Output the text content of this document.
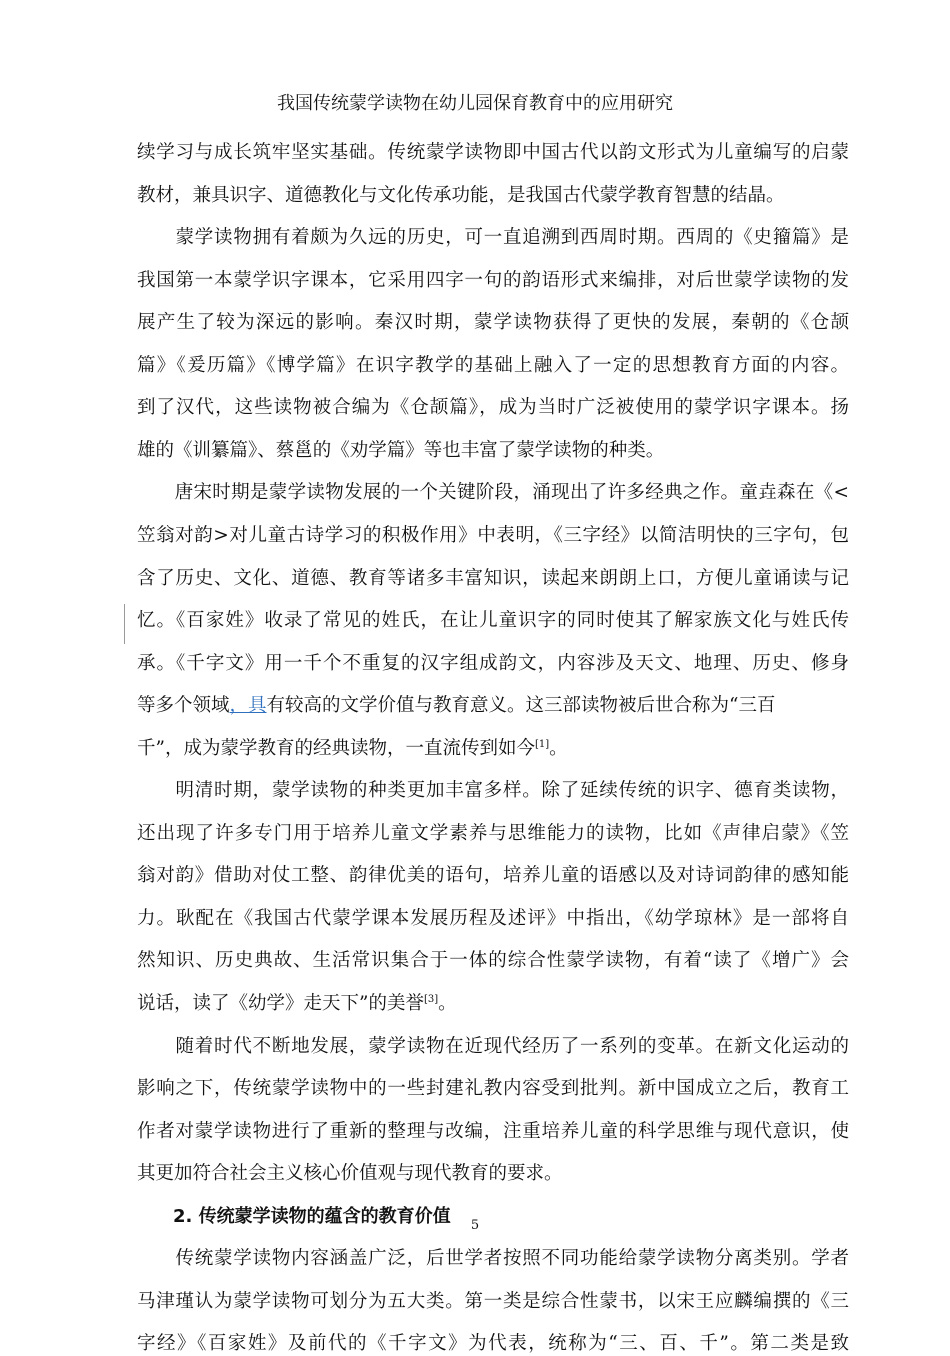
我国传统蒙学读物在幼儿园保育教育中的应用研究
续学习与成长筑牢坚实基础。传统蒙学读物即中国古代以韵文形式为儿童编写的启蒙
教材，兼具识字、道德教化与文化传承功能，是我国古代蒙学教育智慧的结晶。
　　蒙学读物拥有着颇为久远的历史，可一直追溯到西周时期。西周的《史籀篇》是
我国第一本蒙学识字课本，它采用四字一句的韵语形式来编排，对后世蒙学读物的发
展产生了较为深远的影响。秦汉时期，蒙学读物获得了更快的发展，秦朝的《仓颉
篇》《爰历篇》《博学篇》在识字教学的基础上融入了一定的思想教育方面的内容。
到了汉代，这些读物被合编为《仓颉篇》，成为当时广泛被使用的蒙学识字课本。扬
雄的《训纂篇》、蔡邕的《劝学篇》等也丰富了蒙学读物的种类。
　　唐宋时期是蒙学读物发展的一个关键阶段，涌现出了许多经典之作。童垚森在《<
笠翁对韵>对儿童古诗学习的积极作用》中表明，《三字经》以简洁明快的三字句，包
含了历史、文化、道德、教育等诸多丰富知识，读起来朗朗上口，方便儿童诵读与记
忆。《百家姓》收录了常见的姓氏，在让儿童识字的同时使其了解家族文化与姓氏传
承。《千字文》用一千个不重复的汉字组成韵文，内容涉及天文、地理、历史、修身
等多个领域，具有较高的文学价值与教育意义。这三部读物被后世合称为“三百
千”，成为蒙学教育的经典读物，一直流传到如今[1]。
　　明清时期，蒙学读物的种类更加丰富多样。除了延续传统的识字、德育类读物，
还出现了许多专门用于培养儿童文学素养与思维能力的读物，比如《声律启蒙》《笠
翁对韵》借助对仗工整、韵律优美的语句，培养儿童的语感以及对诗词韵律的感知能
力。耿配在《我国古代蒙学课本发展历程及述评》中指出，《幼学琼林》是一部将自
然知识、历史典故、生活常识集合于一体的综合性蒙学读物，有着“读了《增广》会
说话，读了《幼学》走天下”的美誉[3]。
　　随着时代不断地发展，蒙学读物在近现代经历了一系列的变革。在新文化运动的
影响之下，传统蒙学读物中的一些封建礼教内容受到批判。新中国成立之后，教育工
作者对蒙学读物进行了重新的整理与改编，注重培养儿童的科学思维与现代意识，使
其更加符合社会主义核心价值观与现代教育的要求。
　　2. 传统蒙学读物的蕴含的教育价值
　　传统蒙学读物内容涵盖广泛，后世学者按照不同功能给蒙学读物分离类别。学者
马津瑾认为蒙学读物可划分为五大类。第一类是综合性蒙书，以宋王应麟编撰的《三
字经》《百家姓》及前代的《千字文》为代表，统称为“三、百、千”。第二类是致
5
